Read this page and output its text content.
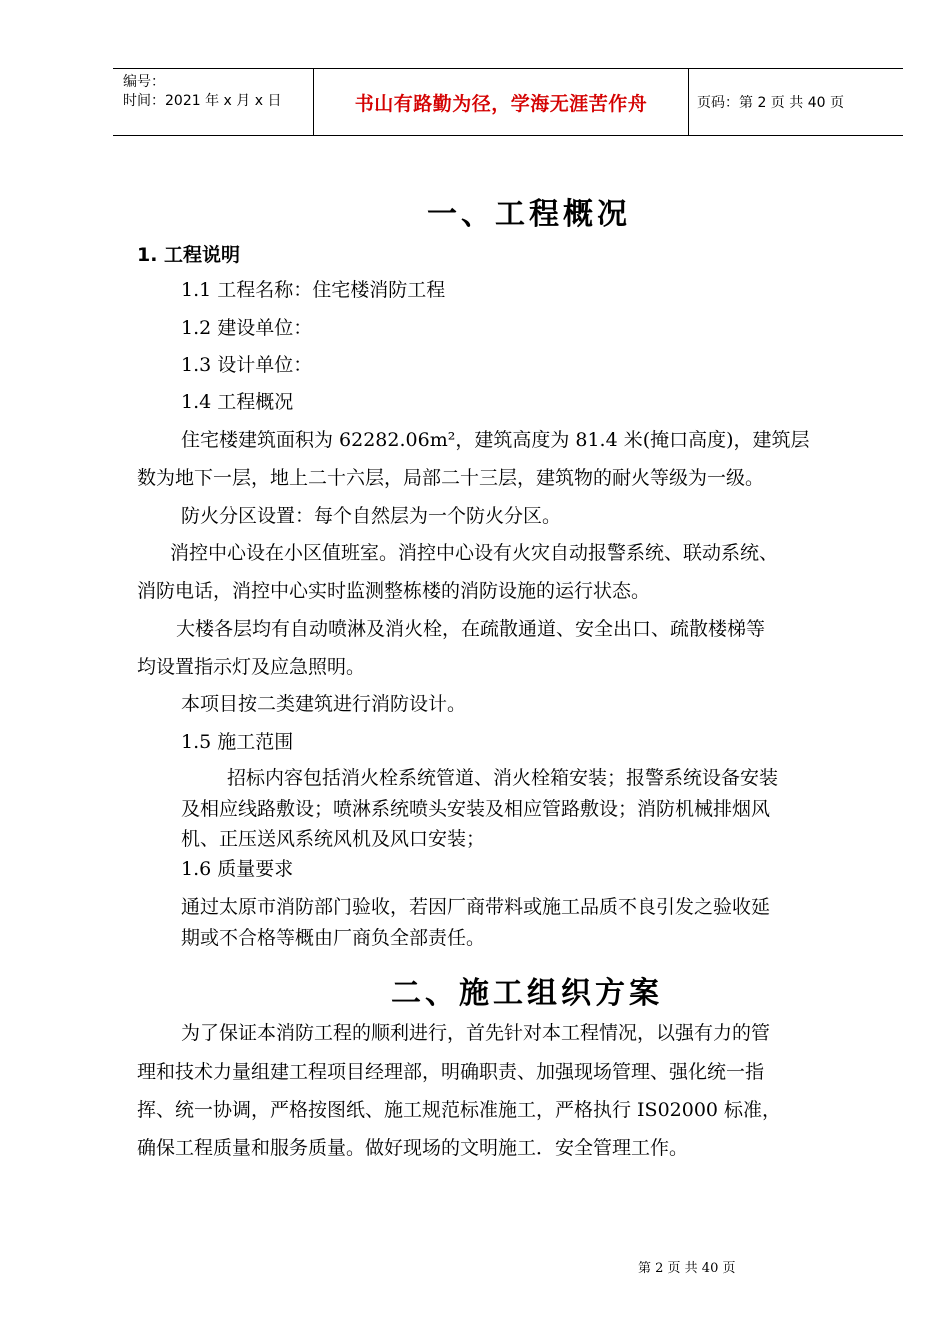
编号：
时间：2021 年 x 月 x 日	书山有路勤为径，学海无涯苦作舟	页码：第 2 页 共 40 页
一、工程概况
1. 工程说明
1.1 工程名称：住宅楼消防工程
1.2 建设单位：
1.3 设计单位：
1.4 工程概况
住宅楼建筑面积为 62282.06m²，建筑高度为 81.4 米(掩口高度)，建筑层
数为地下一层，地上二十六层，局部二十三层，建筑物的耐火等级为一级。
防火分区设置：每个自然层为一个防火分区。
消控中心设在小区值班室。消控中心设有火灾自动报警系统、联动系统、
消防电话，消控中心实时监测整栋楼的消防设施的运行状态。
大楼各层均有自动喷淋及消火栓，在疏散通道、安全出口、疏散楼梯等
均设置指示灯及应急照明。
本项目按二类建筑进行消防设计。
1.5 施工范围
招标内容包括消火栓系统管道、消火栓箱安装；报警系统设备安装
及相应线路敷设；喷淋系统喷头安装及相应管路敷设；消防机械排烟风
机、正压送风系统风机及风口安装；
1.6 质量要求
通过太原市消防部门验收，若因厂商带料或施工品质不良引发之验收延
期或不合格等概由厂商负全部责任。
二、施工组织方案
为了保证本消防工程的顺利进行，首先针对本工程情况，以强有力的管
理和技术力量组建工程项目经理部，明确职责、加强现场管理、强化统一指
挥、统一协调，严格按图纸、施工规范标准施工，严格执行 IS02000 标准，
确保工程质量和服务质量。做好现场的文明施工．安全管理工作。
第 2 页 共 40 页
